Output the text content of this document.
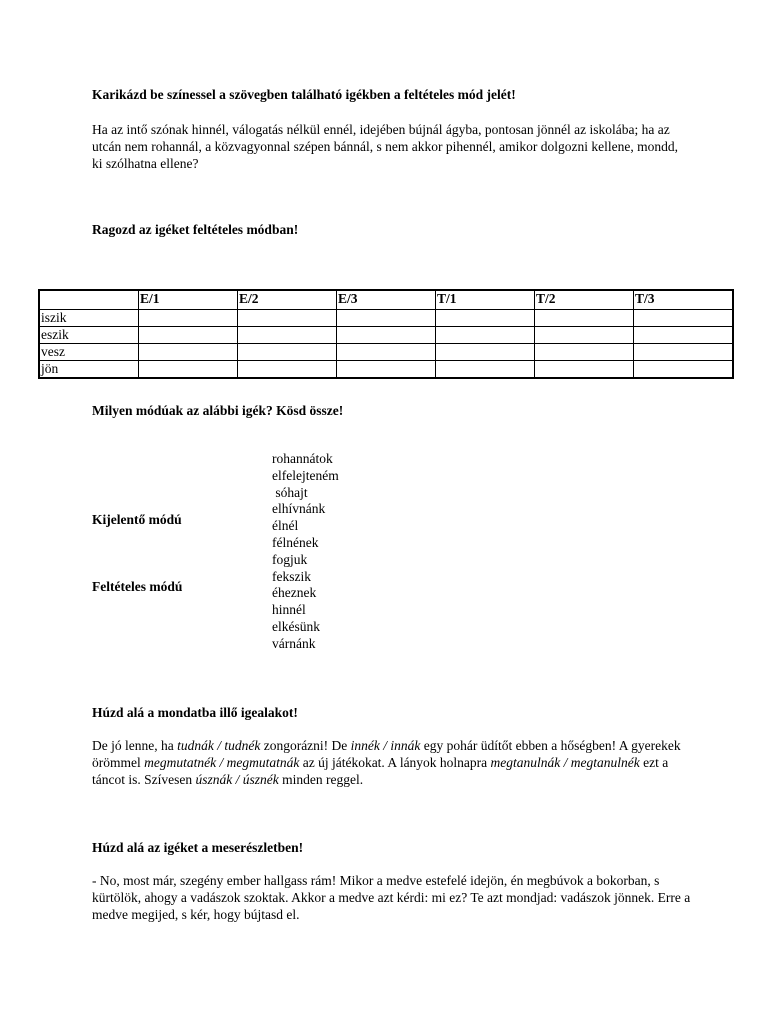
Karikázd be színessel a szövegben található igékben a feltételes mód jelét!
Ha az intő szónak hinnél, válogatás nélkül ennél, idejében bújnál ágyba, pontosan jönnél az iskolába; ha az utcán nem rohannál, a közvagyonnal szépen bánnál, s nem akkor pihennél, amikor dolgozni kellene, mondd, ki szólhatna ellene?
Ragozd az igéket feltételes módban!
	E/1	E/2	E/3	T/1	T/2	T/3
iszik						
eszik						
vesz						
jön						
Milyen módúak az alábbi igék? Kösd össze!
Kijelentő módú
Feltételes módú
rohannátok
elfelejteném
sóhajt
elhívnánk
élnél
félnének
fogjuk
fekszik
éheznek
hinnél
elkésünk
várnánk
Húzd alá a mondatba illő igealakot!
De jó lenne, ha tudnák / tudnék zongorázni! De innék / innák egy pohár üdítőt ebben a hőségben! A gyerekek örömmel megmutatnék / megmutatnák az új játékokat. A lányok holnapra megtanulnák / megtanulnék ezt a táncot is. Szívesen úsznák / úsznék minden reggel.
Húzd alá az igéket a meserészletben!
- No, most már, szegény ember hallgass rám! Mikor a medve estefelé idejön, én megbúvok a bokorban, s kürtölök, ahogy a vadászok szoktak. Akkor a medve azt kérdi: mi ez? Te azt mondjad: vadászok jönnek. Erre a medve megijed, s kér, hogy bújtasd el.
